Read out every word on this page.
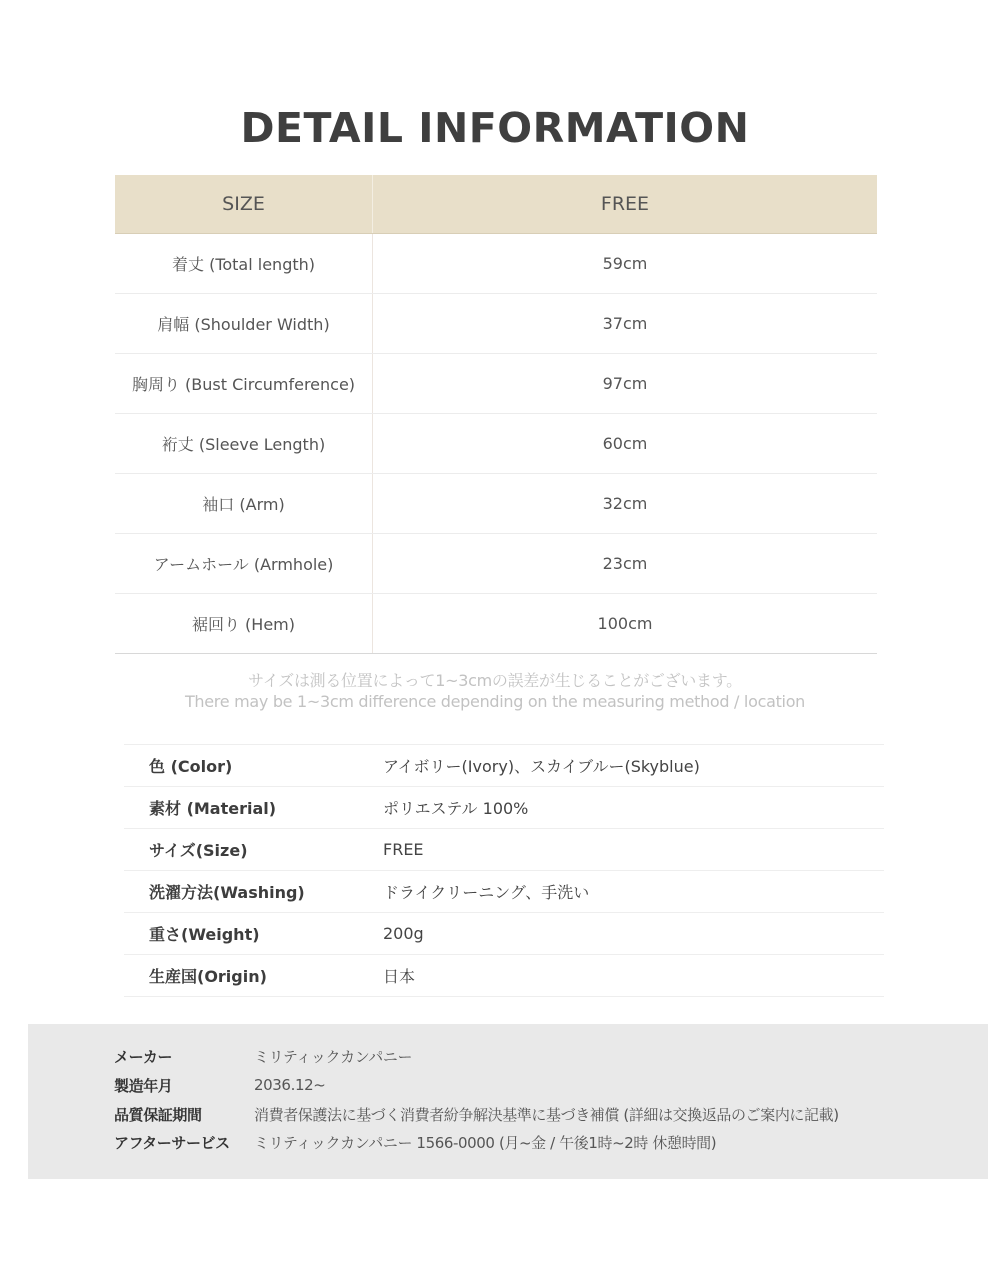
DETAIL INFORMATION
SIZE	FREE
着丈 (Total length)	59cm
肩幅 (Shoulder Width)	37cm
胸周り (Bust Circumference)	97cm
裄丈 (Sleeve Length)	60cm
袖口 (Arm)	32cm
アームホール (Armhole)	23cm
裾回り (Hem)	100cm
サイズは測る位置によって1~3cmの誤差が生じることがございます。
There may be 1~3cm difference depending on the measuring method / location
色 (Color)	アイボリー(Ivory)、スカイブルー(Skyblue)
素材 (Material)	ポリエステル 100%
サイズ(Size)	FREE
洗濯方法(Washing)	ドライクリーニング、手洗い
重さ(Weight)	200g
生産国(Origin)	日本
メーカー	ミリティックカンパニー
製造年月	2036.12~
品質保証期間	消費者保護法に基づく消費者紛争解決基準に基づき補償 (詳細は交換返品のご案内に記載)
アフターサービス	ミリティックカンパニー 1566-0000 (月~金 / 午後1時~2時 休憩時間)
